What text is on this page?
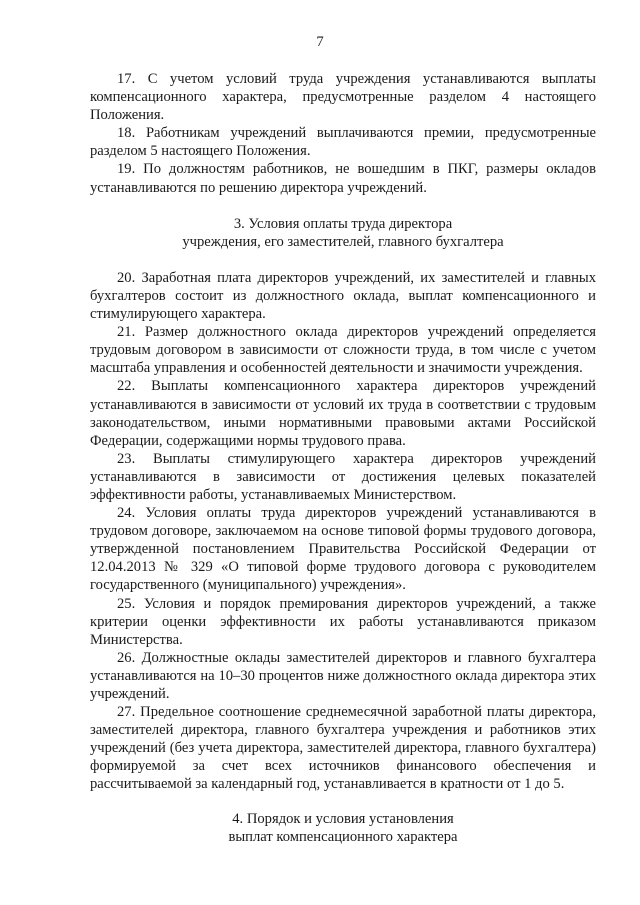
7

17. С учетом условий труда учреждения устанавливаются выплаты компенсационного характера, предусмотренные разделом 4 настоящего Положения.

18. Работникам учреждений выплачиваются премии, предусмотренные разделом 5 настоящего Положения.

19. По должностям работников, не вошедшим в ПКГ, размеры окладов устанавливаются по решению директора учреждений.

3. Условия оплаты труда директора

учреждения, его заместителей, главного бухгалтера

20. Заработная плата директоров учреждений, их заместителей и главных бухгалтеров состоит из должностного оклада, выплат компенсационного и стимулирующего характера.

21. Размер должностного оклада директоров учреждений определяется трудовым договором в зависимости от сложности труда, в том числе с учетом масштаба управления и особенностей деятельности и значимости учреждения.

22. Выплаты компенсационного характера директоров учреждений устанавливаются в зависимости от условий их труда в соответствии с трудовым законодательством, иными нормативными правовыми актами Российской Федерации, содержащими нормы трудового права.

23. Выплаты стимулирующего характера директоров учреждений устанавливаются в зависимости от достижения целевых показателей эффективности работы, устанавливаемых Министерством.

24. Условия оплаты труда директоров учреждений устанавливаются в трудовом договоре, заключаемом на основе типовой формы трудового договора, утвержденной постановлением Правительства Российской Федерации от 12.04.2013 № 329 «О типовой форме трудового договора с руководителем государственного (муниципального) учреждения».

25. Условия и порядок премирования директоров учреждений, а также критерии оценки эффективности их работы устанавливаются приказом Министерства.

26. Должностные оклады заместителей директоров и главного бухгалтера устанавливаются на 10–30 процентов ниже должностного оклада директора этих учреждений.

27. Предельное соотношение среднемесячной заработной платы директора, заместителей директора, главного бухгалтера учреждения и работников этих учреждений (без учета директора, заместителей директора, главного бухгалтера) формируемой за счет всех источников финансового обеспечения и рассчитываемой за календарный год, устанавливается в кратности от 1 до 5.

4. Порядок и условия установления

выплат компенсационного характера
